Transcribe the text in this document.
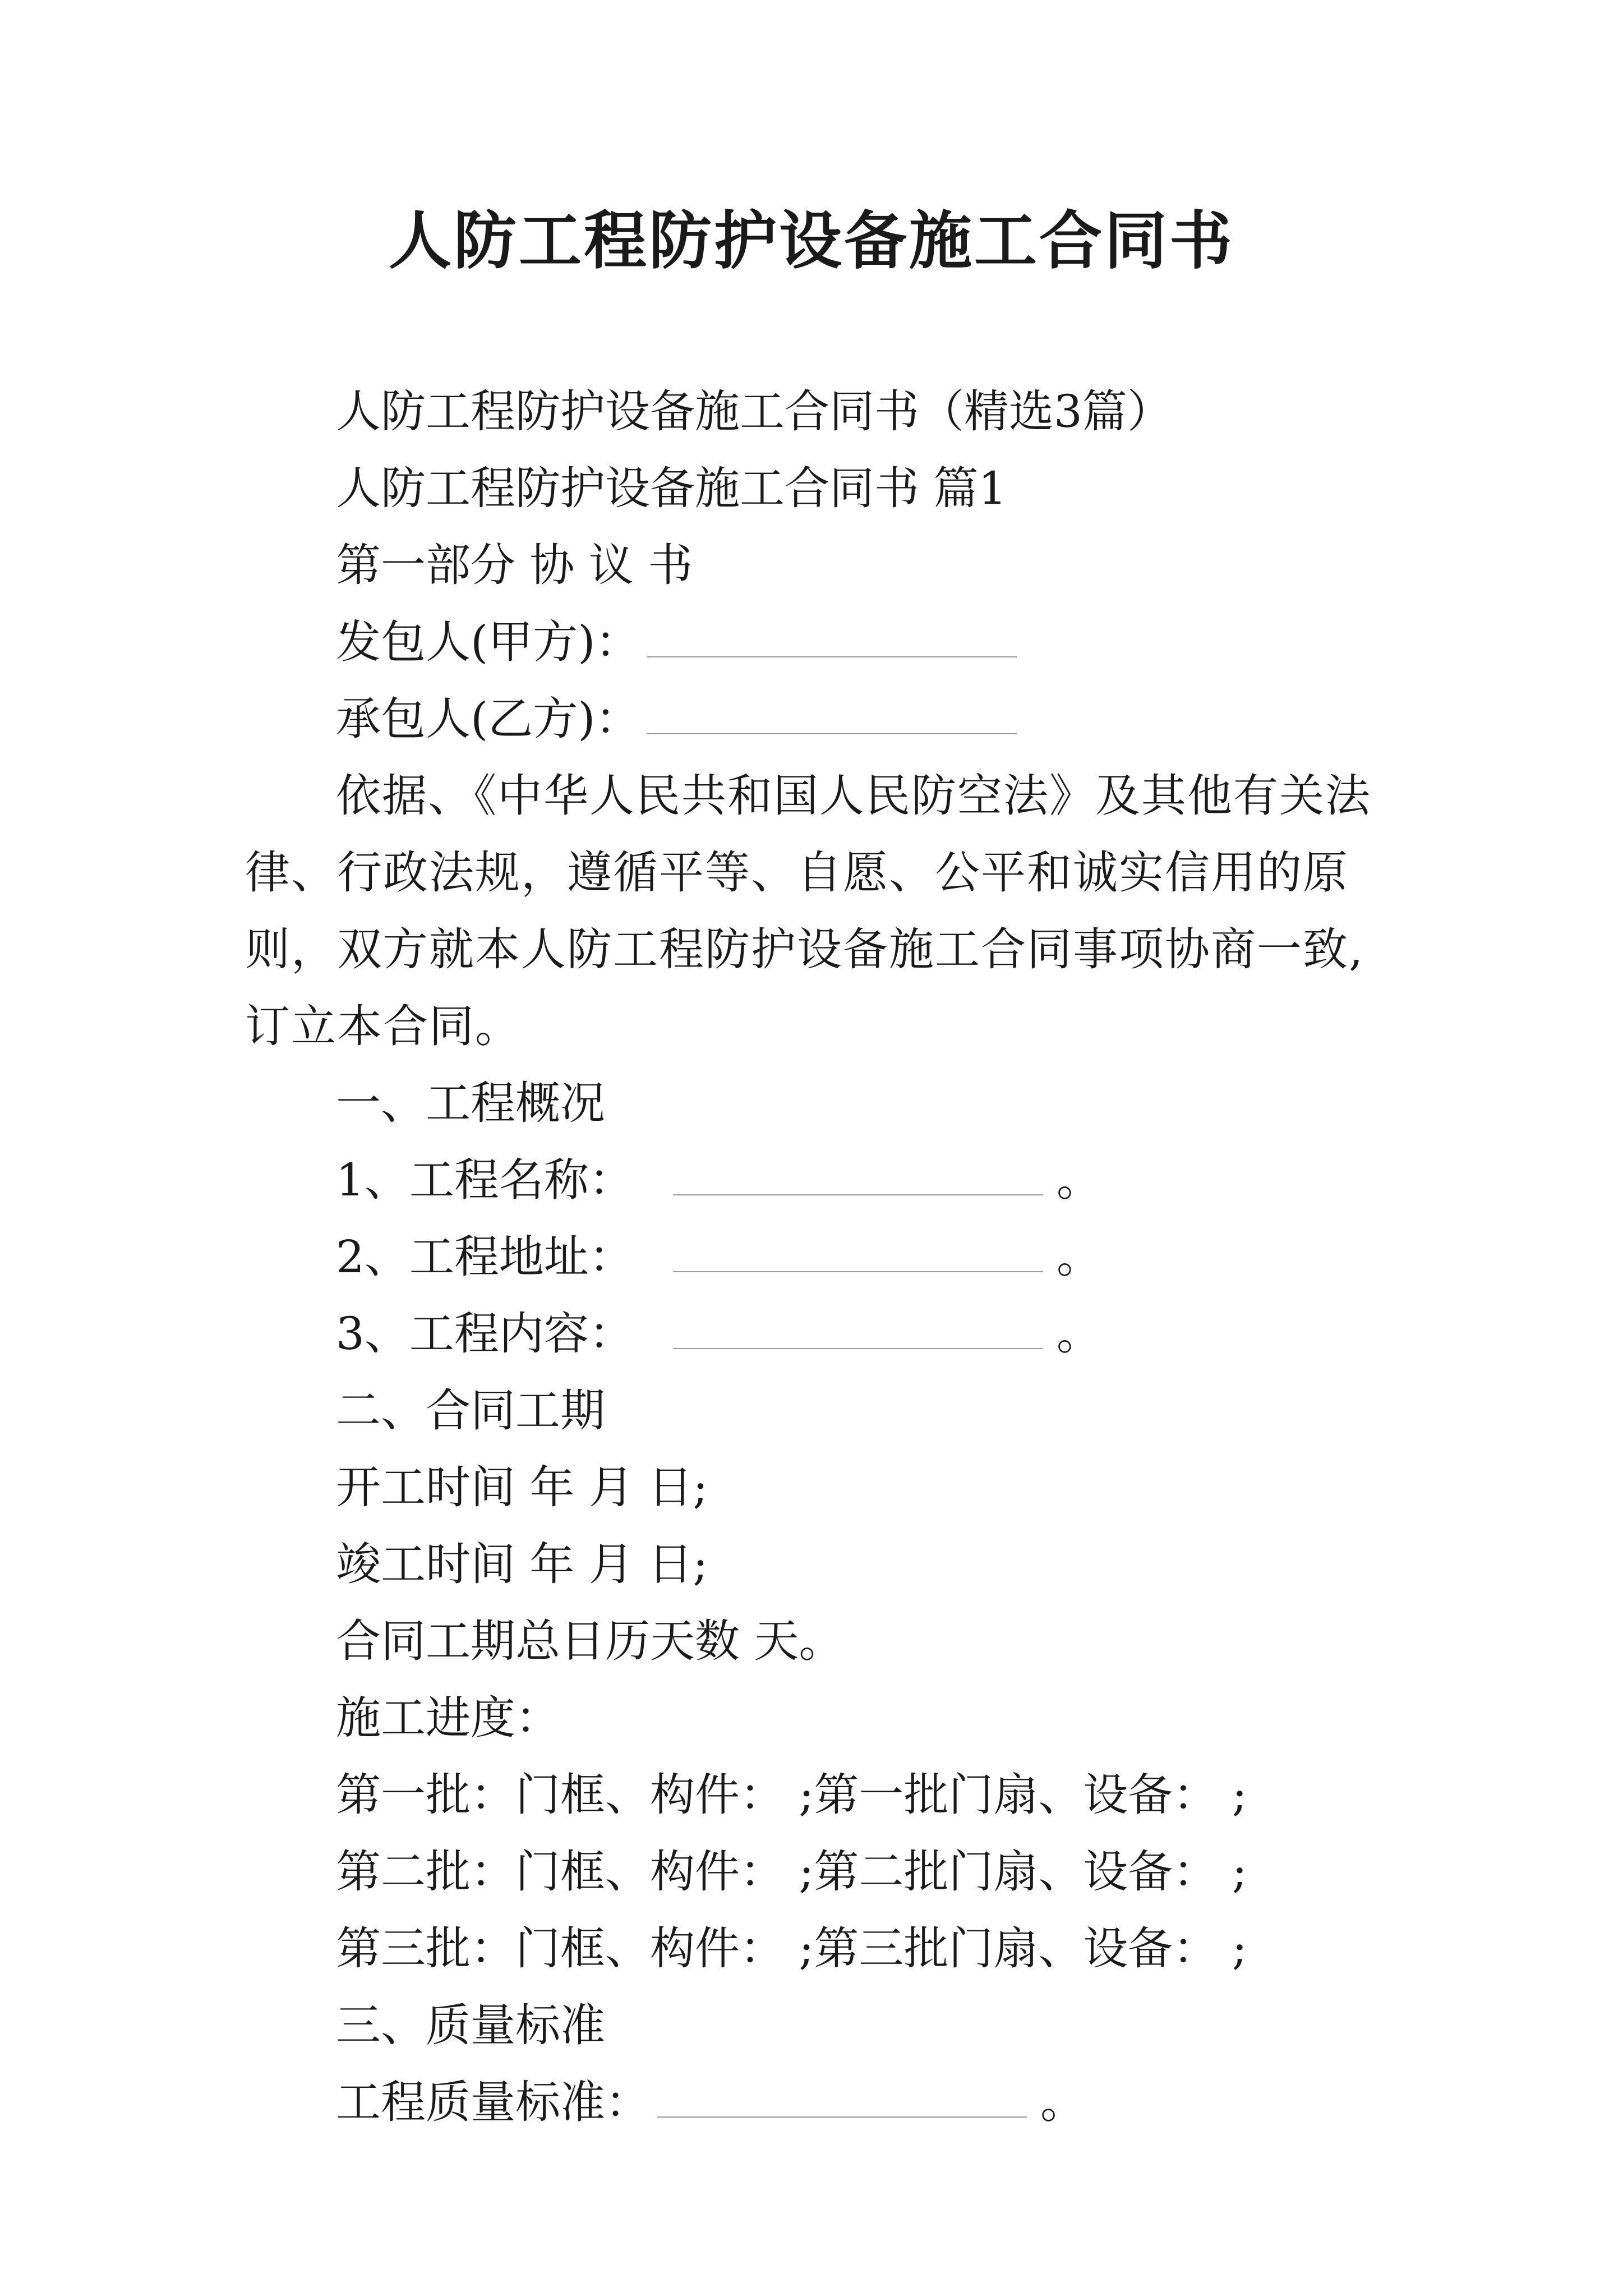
人防工程防护设备施工合同书

人防工程防护设备施工合同书（精选3篇）

人防工程防护设备施工合同书 篇1

第一部分 协 议 书

发包人(甲方)：

承包人(乙方)：

依据、《中华人民共和国人民防空法》及其他有关法律、行政法规，遵循平等、自愿、公平和诚实信用的原则，双方就本人防工程防护设备施工合同事项协商一致,订立本合同。

一、工程概况

1、工程名称：	。

2、工程地址：	。

3、工程内容：	。

二、合同工期

开工时间 年 月 日;

竣工时间 年 月 日;

合同工期总日历天数 天。

施工进度：

第一批：门框、构件： ;第一批门扇、设备： ;

第二批：门框、构件： ;第二批门扇、设备： ;

第三批：门框、构件： ;第三批门扇、设备： ;

三、质量标准

工程质量标准：	。
